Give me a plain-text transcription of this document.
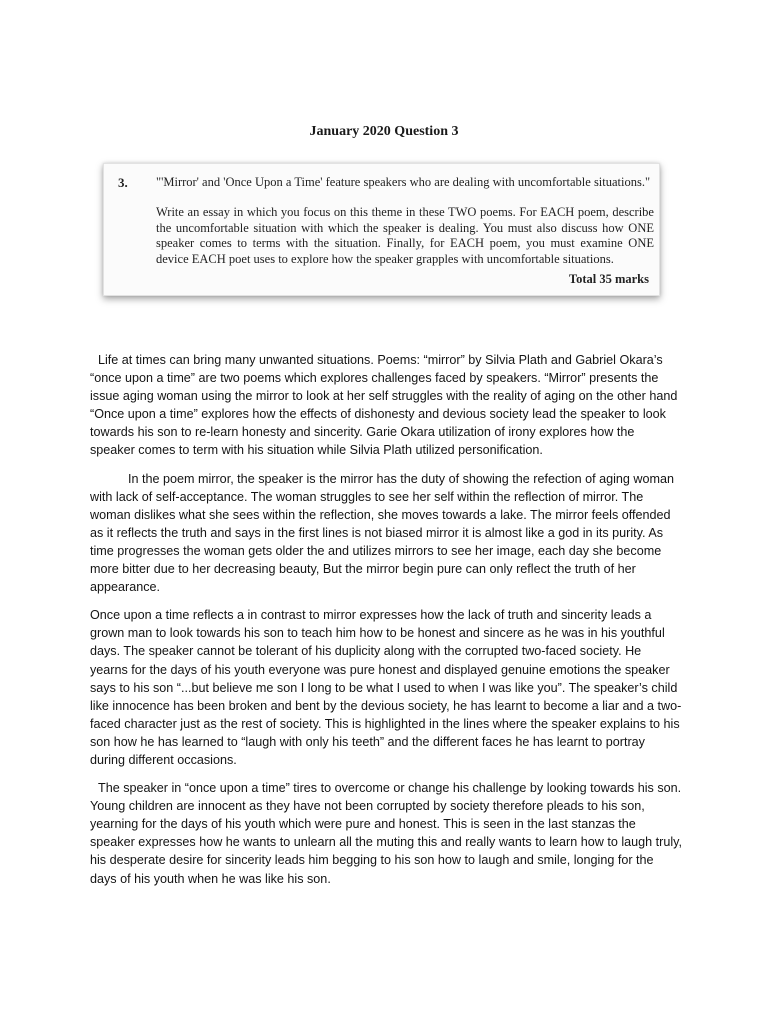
January 2020 Question 3
3. "'Mirror' and 'Once Upon a Time' feature speakers who are dealing with uncomfortable situations."
Write an essay in which you focus on this theme in these TWO poems. For EACH poem, describe the uncomfortable situation with which the speaker is dealing. You must also discuss how ONE speaker comes to terms with the situation. Finally, for EACH poem, you must examine ONE device EACH poet uses to explore how the speaker grapples with uncomfortable situations.
Total 35 marks

Life at times can bring many unwanted situations. Poems: “mirror” by Silvia Plath and Gabriel Okara’s “once upon a time” are two poems which explores challenges faced by speakers. “Mirror” presents the issue aging woman using the mirror to look at her self struggles with the reality of aging on the other hand “Once upon a time” explores how the effects of dishonesty and devious society lead the speaker to look towards his son to re-learn honesty and sincerity. Garie Okara utilization of irony explores how the speaker comes to term with his situation while Silvia Plath utilized personification.

In the poem mirror, the speaker is the mirror has the duty of showing the refection of aging woman with lack of self-acceptance. The woman struggles to see her self within the reflection of mirror. The woman dislikes what she sees within the reflection, she moves towards a lake. The mirror feels offended as it reflects the truth and says in the first lines is not biased mirror it is almost like a god in its purity. As time progresses the woman gets older the and utilizes mirrors to see her image, each day she become more bitter due to her decreasing beauty, But the mirror begin pure can only reflect the truth of her appearance.

Once upon a time reflects a in contrast to mirror expresses how the lack of truth and sincerity leads a grown man to look towards his son to teach him how to be honest and sincere as he was in his youthful days. The speaker cannot be tolerant of his duplicity along with the corrupted two-faced society. He yearns for the days of his youth everyone was pure honest and displayed genuine emotions the speaker says to his son “...but believe me son I long to be what I used to when I was like you”. The speaker’s child like innocence has been broken and bent by the devious society, he has learnt to become a liar and a two-faced character just as the rest of society. This is highlighted in the lines where the speaker explains to his son how he has learned to “laugh with only his teeth” and the different faces he has learnt to portray during different occasions.

The speaker in “once upon a time” tires to overcome or change his challenge by looking towards his son. Young children are innocent as they have not been corrupted by society therefore pleads to his son, yearning for the days of his youth which were pure and honest. This is seen in the last stanzas the speaker expresses how he wants to unlearn all the muting this and really wants to learn how to laugh truly, his desperate desire for sincerity leads him begging to his son how to laugh and smile, longing for the days of his youth when he was like his son.
